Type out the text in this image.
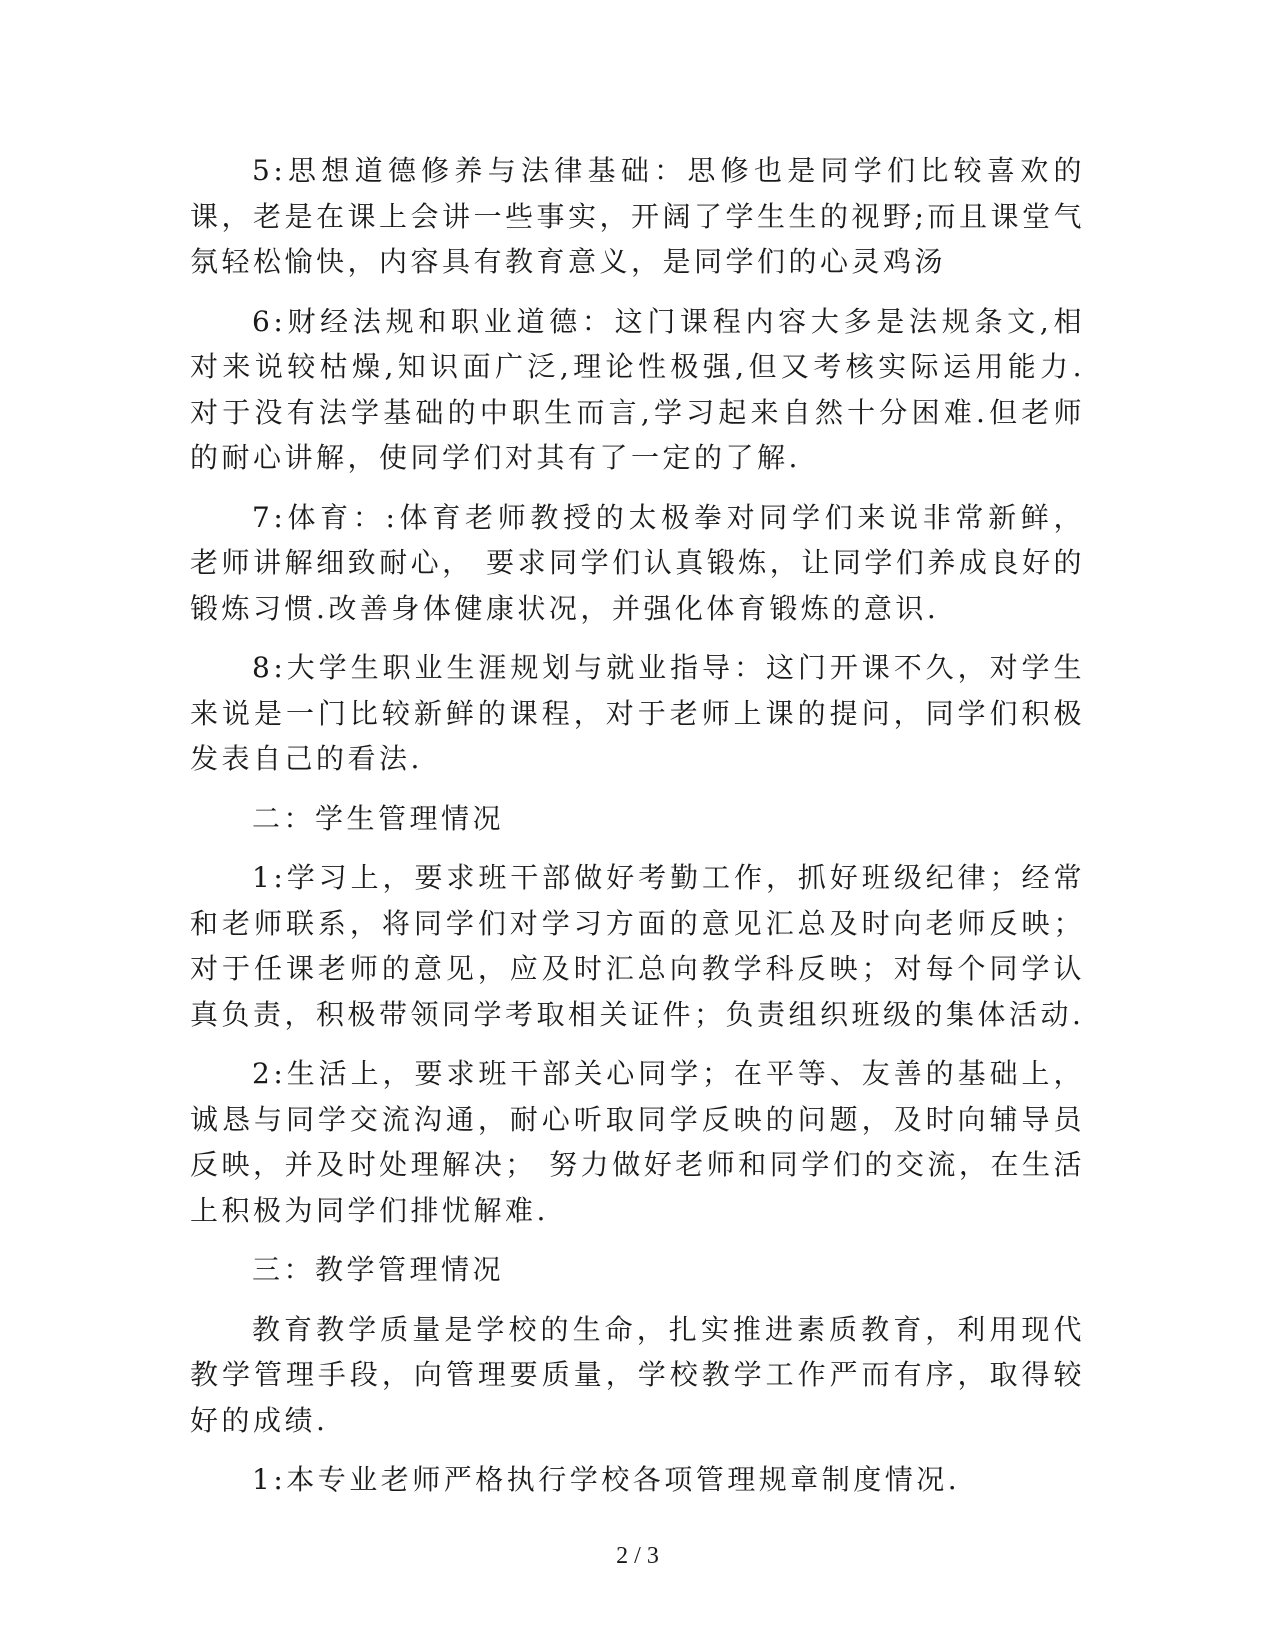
5:思想道德修养与法律基础：思修也是同学们比较喜欢的课，老是在课上会讲一些事实，开阔了学生生的视野;而且课堂气氛轻松愉快，内容具有教育意义，是同学们的心灵鸡汤

6:财经法规和职业道德：这门课程内容大多是法规条文,相对来说较枯燥,知识面广泛,理论性极强,但又考核实际运用能力.对于没有法学基础的中职生而言,学习起来自然十分困难.但老师的耐心讲解，使同学们对其有了一定的了解.

7:体育：:体育老师教授的太极拳对同学们来说非常新鲜，老师讲解细致耐心， 要求同学们认真锻炼，让同学们养成良好的锻炼习惯.改善身体健康状况，并强化体育锻炼的意识.

8:大学生职业生涯规划与就业指导：这门开课不久，对学生来说是一门比较新鲜的课程，对于老师上课的提问，同学们积极发表自己的看法.

二：学生管理情况

1:学习上，要求班干部做好考勤工作，抓好班级纪律；经常和老师联系，将同学们对学习方面的意见汇总及时向老师反映；对于任课老师的意见，应及时汇总向教学科反映；对每个同学认真负责，积极带领同学考取相关证件；负责组织班级的集体活动.

2:生活上，要求班干部关心同学；在平等、友善的基础上，诚恳与同学交流沟通，耐心听取同学反映的问题，及时向辅导员反映，并及时处理解决； 努力做好老师和同学们的交流，在生活上积极为同学们排忧解难.

三：教学管理情况

教育教学质量是学校的生命，扎实推进素质教育，利用现代教学管理手段，向管理要质量，学校教学工作严而有序，取得较好的成绩.

1:本专业老师严格执行学校各项管理规章制度情况.

2 / 3
